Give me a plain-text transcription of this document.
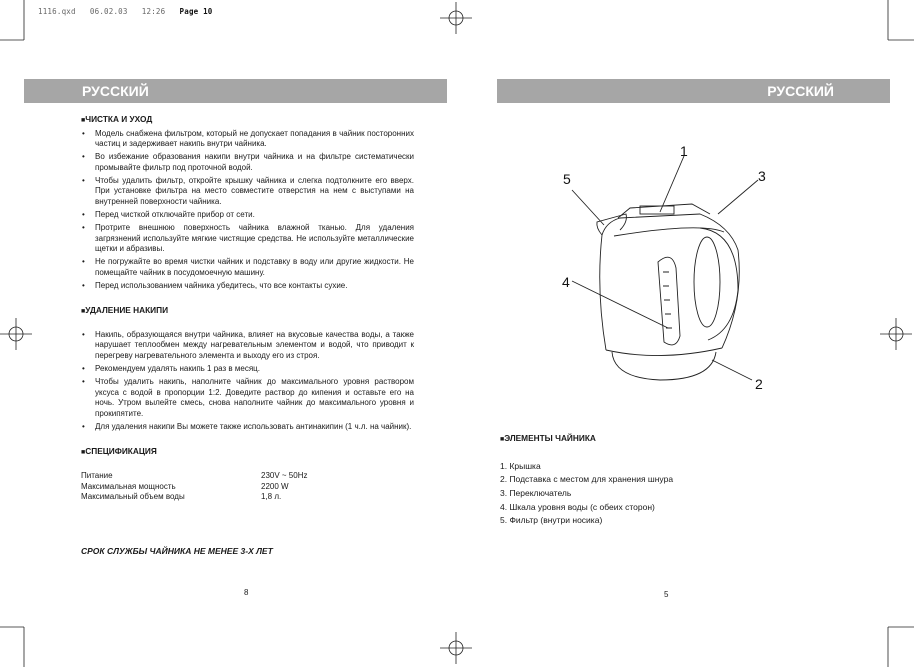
1116.qxd 06.02.03 12:26 Page 10
РУССКИЙ	РУССКИЙ

■ЧИСТКА И УХОД

• Модель снабжена фильтром, который не допускает попадания в чайник посторонних частиц и задерживает накипь внутри чайника.
• Во избежание образования накипи внутри чайника и на фильтре систематически промывайте фильтр под проточной водой.
• Чтобы удалить фильтр, откройте крышку чайника и слегка подтолкните его вверх. При установке фильтра на место совместите отверстия на нем с выступами на внутренней поверхности чайника.
• Перед чисткой отключайте прибор от сети.
• Протрите внешнюю поверхность чайника влажной тканью. Для удаления загрязнений используйте мягкие чистящие средства. Не используйте металлические щетки и абразивы.
• Не погружайте во время чистки чайник и подставку в воду или другие жидкости. Не помещайте чайник в посудомоечную машину.
• Перед использованием чайника убедитесь, что все контакты сухие.

■УДАЛЕНИЕ НАКИПИ

• Накипь, образующаяся внутри чайника, влияет на вкусовые качества воды, а также нарушает теплообмен между нагревательным элементом и водой, что приводит к перегреву нагревательного элемента и выходу его из строя.
• Рекомендуем удалять накипь 1 раз в месяц.
• Чтобы удалить накипь, наполните чайник до максимального уровня раствором уксуса с водой в пропорции 1:2. Доведите раствор до кипения и оставьте его на ночь. Утром вылейте смесь, снова наполните чайник до максимального уровня и прокипятите.
• Для удаления накипи Вы можете также использовать антинакипин (1 ч.л. на чайник).

■СПЕЦИФИКАЦИЯ

Питание	230V ~ 50Hz
Максимальная мощность	2200 W
Максимальный объем воды	1,8 л.
СРОК СЛУЖБЫ ЧАЙНИКА НЕ МЕНЕЕ 3-Х ЛЕТ
8	5
1
2
3
4
5

■ЭЛЕМЕНТЫ ЧАЙНИКА

1. Крышка
2. Подставка с местом для хранения шнура
3. Переключатель
4. Шкала уровня воды (с обеих сторон)
5. Фильтр (внутри носика)
